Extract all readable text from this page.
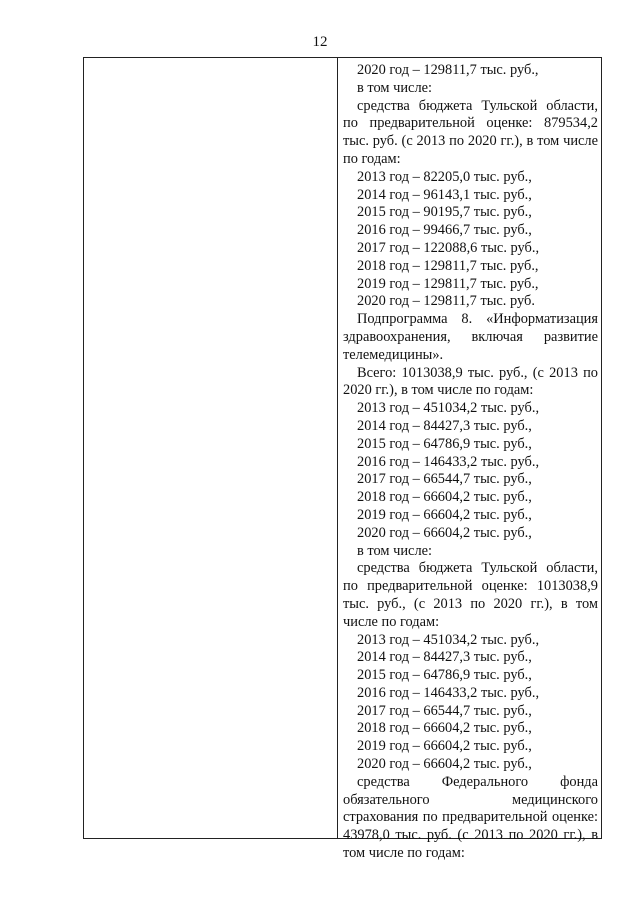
12

2020 год – 129811,7 тыс. руб.,

в том числе:

средства бюджета Тульской области, по предварительной оценке: 879534,2 тыс. руб. (с 2013 по 2020 гг.), в том числе по годам:

2013 год – 82205,0 тыс. руб.,

2014 год – 96143,1 тыс. руб.,

2015 год – 90195,7 тыс. руб.,

2016 год – 99466,7 тыс. руб.,

2017 год – 122088,6 тыс. руб.,

2018 год – 129811,7 тыс. руб.,

2019 год – 129811,7 тыс. руб.,

2020 год – 129811,7 тыс. руб.

Подпрограмма 8. «Информатизация здравоохранения, включая развитие телемедицины».

Всего: 1013038,9 тыс. руб., (с 2013 по 2020 гг.), в том числе по годам:

2013 год – 451034,2 тыс. руб.,

2014 год – 84427,3 тыс. руб.,

2015 год – 64786,9 тыс. руб.,

2016 год – 146433,2 тыс. руб.,

2017 год – 66544,7 тыс. руб.,

2018 год – 66604,2 тыс. руб.,

2019 год – 66604,2 тыс. руб.,

2020 год – 66604,2 тыс. руб.,

в том числе:

средства бюджета Тульской области, по предварительной оценке: 1013038,9 тыс. руб., (с 2013 по 2020 гг.), в том числе по годам:

2013 год – 451034,2 тыс. руб.,

2014 год – 84427,3 тыс. руб.,

2015 год – 64786,9 тыс. руб.,

2016 год – 146433,2 тыс. руб.,

2017 год – 66544,7 тыс. руб.,

2018 год – 66604,2 тыс. руб.,

2019 год – 66604,2 тыс. руб.,

2020 год – 66604,2 тыс. руб.,

средства Федерального фонда обязательного медицинского страхования по предварительной оценке: 43978,0 тыс. руб. (с 2013 по 2020 гг.), в том числе по годам:
